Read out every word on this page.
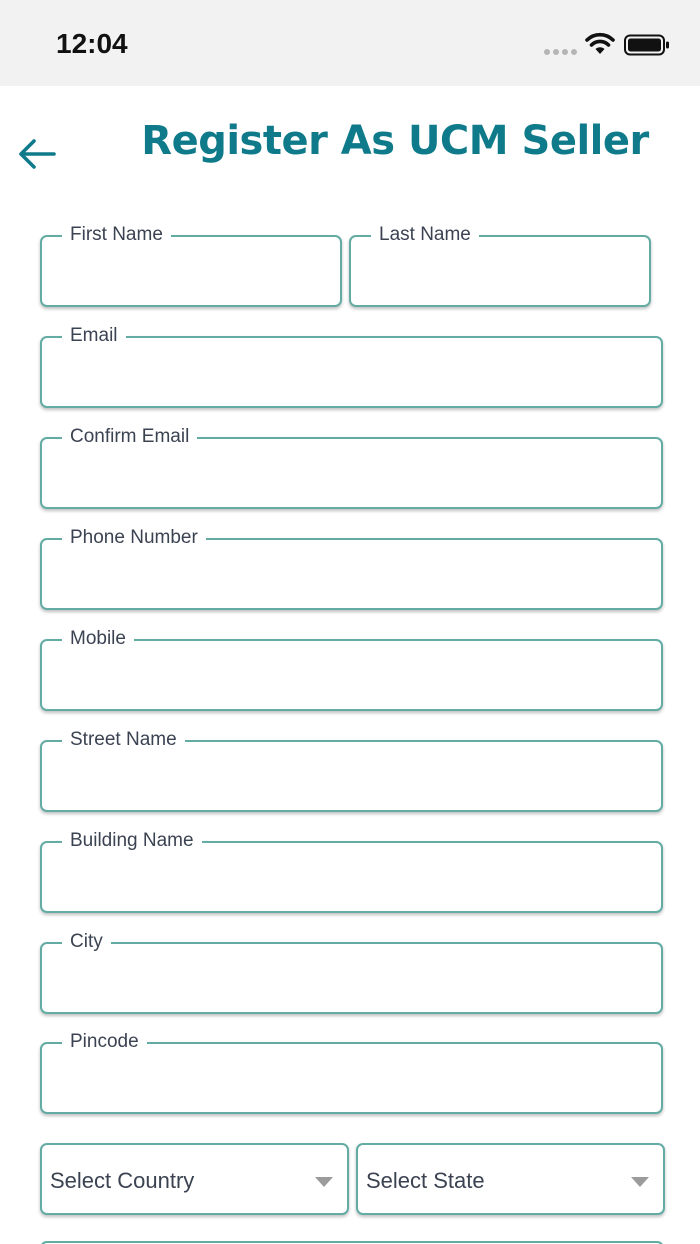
12:04
Register As UCM Seller
First Name	Last Name
Email
Confirm Email
Phone Number
Mobile
Street Name
Building Name
City
Pincode
Select Country	Select State
